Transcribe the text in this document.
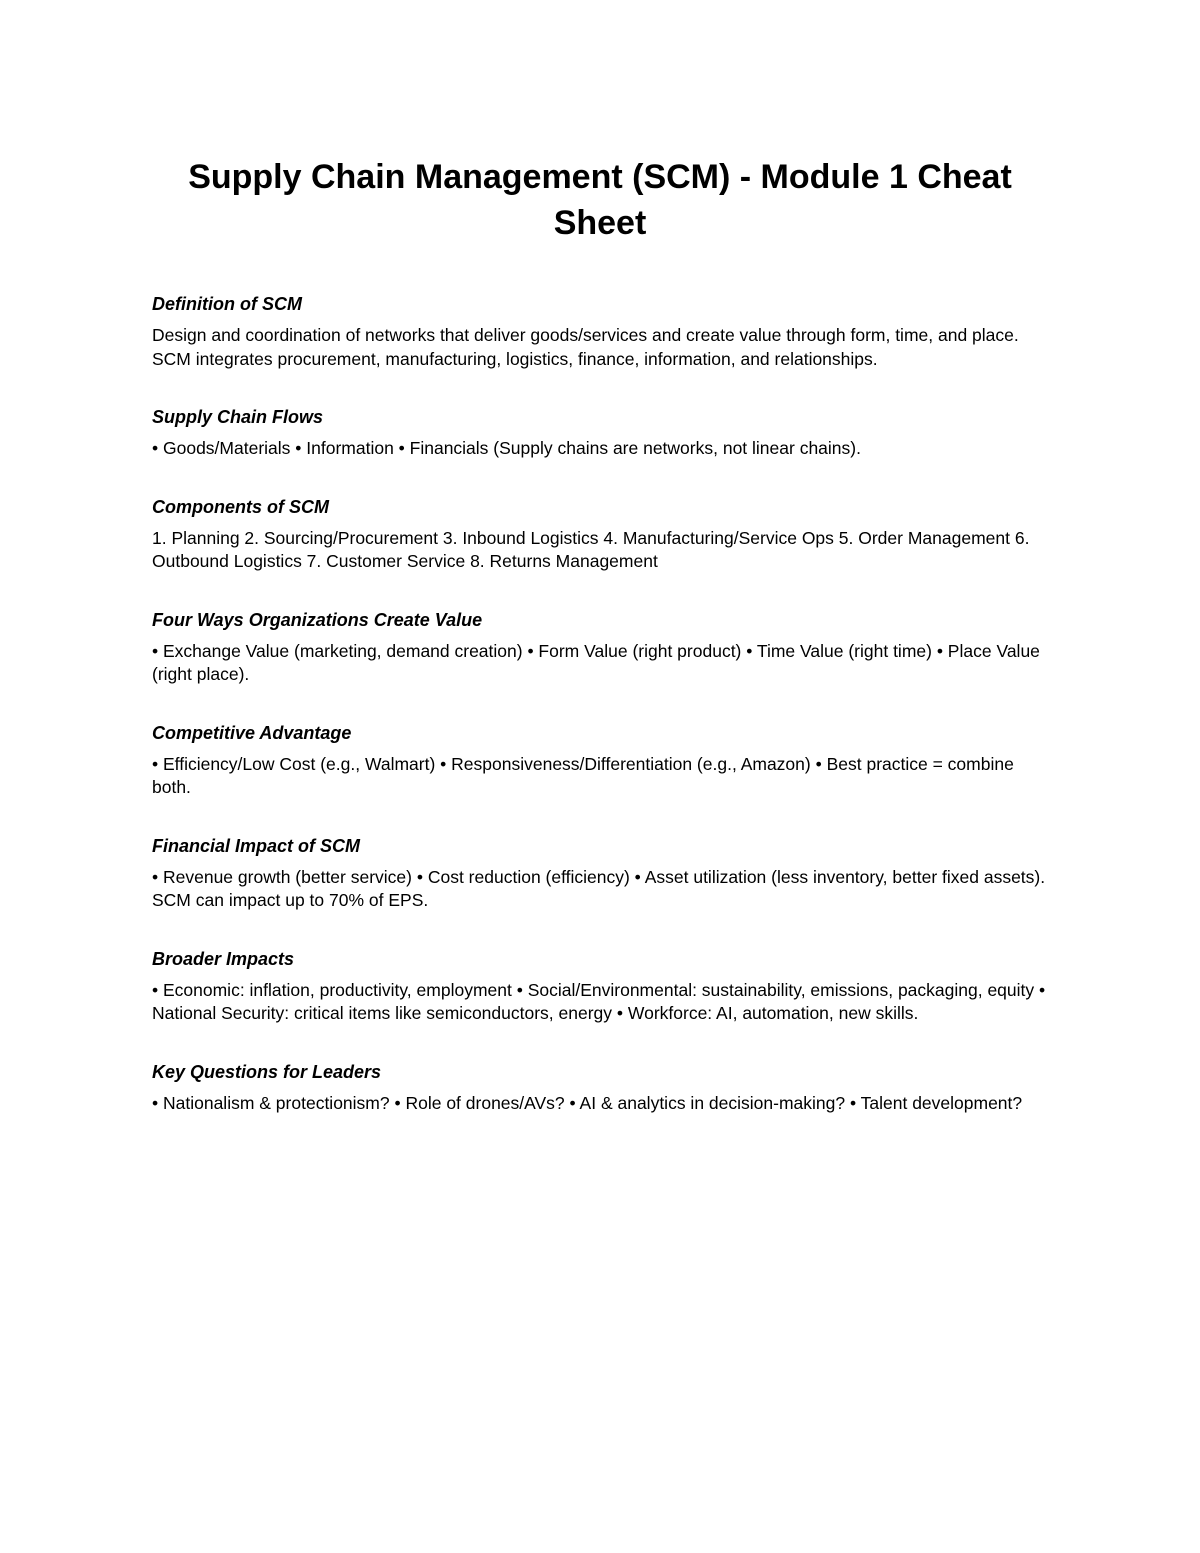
Supply Chain Management (SCM) - Module 1 Cheat Sheet
Definition of SCM
Design and coordination of networks that deliver goods/services and create value through form, time, and place. SCM integrates procurement, manufacturing, logistics, finance, information, and relationships.
Supply Chain Flows
• Goods/Materials • Information • Financials (Supply chains are networks, not linear chains).
Components of SCM
1. Planning 2. Sourcing/Procurement 3. Inbound Logistics 4. Manufacturing/Service Ops 5. Order Management 6. Outbound Logistics 7. Customer Service 8. Returns Management
Four Ways Organizations Create Value
• Exchange Value (marketing, demand creation) • Form Value (right product) • Time Value (right time) • Place Value (right place).
Competitive Advantage
• Efficiency/Low Cost (e.g., Walmart) • Responsiveness/Differentiation (e.g., Amazon) • Best practice = combine both.
Financial Impact of SCM
• Revenue growth (better service) • Cost reduction (efficiency) • Asset utilization (less inventory, better fixed assets). SCM can impact up to 70% of EPS.
Broader Impacts
• Economic: inflation, productivity, employment • Social/Environmental: sustainability, emissions, packaging, equity • National Security: critical items like semiconductors, energy • Workforce: AI, automation, new skills.
Key Questions for Leaders
• Nationalism & protectionism? • Role of drones/AVs? • AI & analytics in decision-making? • Talent development?
